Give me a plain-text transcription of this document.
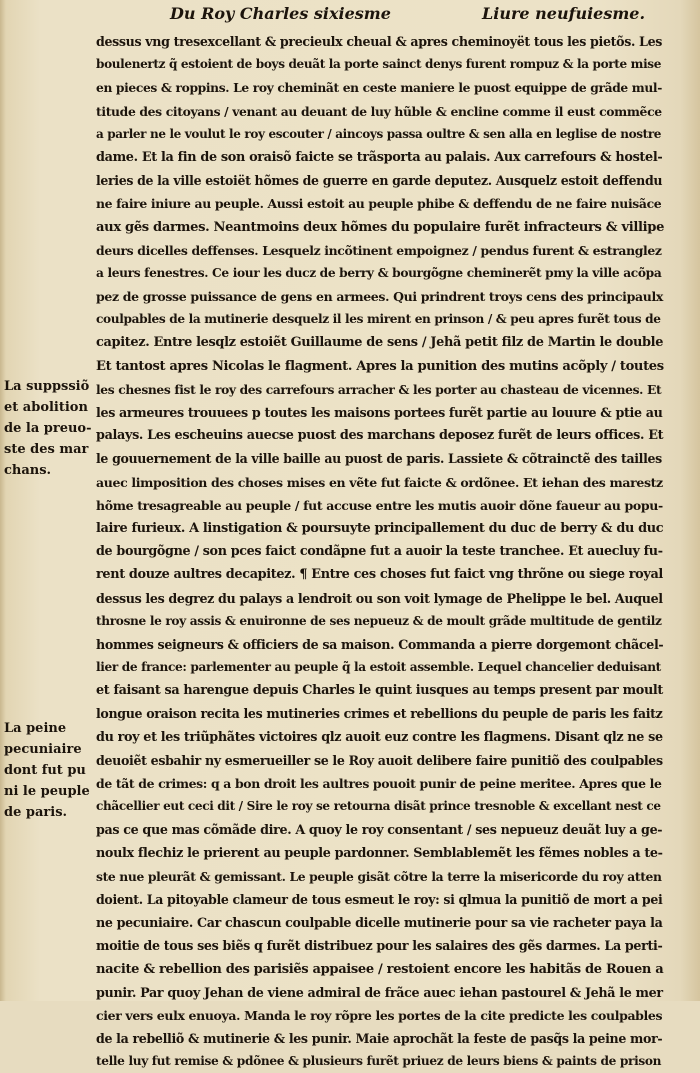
Du Roy Charles sixiesme	Liure neufuiesme.
La suppssiõ
et abolition
de la preuo-
ste des mar
chans.
La peine
pecuniaire
dont fut pu
ni le peuple
de paris.
dessus vng tresexcellant & precieulx cheual & apres cheminoyët tous les pietõs. Les
boulenertz q̃ estoient de boys deuãt la porte sainct denys furent rompuz & la porte mise
en pieces & roppins. Le roy cheminãt en ceste maniere le puost equippe de grãde mul-
titude des citoyans / venant au deuant de luy hũble & encline comme il eust commẽce
a parler ne le voulut le roy escouter / aincoys passa oultre & sen alla en leglise de nostre
dame. Et la fin de son oraisõ faicte se trãsporta au palais. Aux carrefours & hostel-
leries de la ville estoiët hõmes de guerre en garde deputez. Ausquelz estoit deffendu
ne faire iniure au peuple. Aussi estoit au peuple phibe & deffendu de ne faire nuisãce
aux gẽs darmes. Neantmoins deux hõmes du populaire furẽt infracteurs & villipe
deurs dicelles deffenses. Lesquelz incõtinent empoignez / pendus furent & estranglez
a leurs fenestres. Ce iour les ducz de berry & bourgõgne cheminerẽt pmy la ville acõpa
pez de grosse puissance de gens en armees. Qui prindrent troys cens des principaulx
coulpables de la mutinerie desquelz il les mirent en prinson / & peu apres furẽt tous de
capitez. Entre lesqlz estoiẽt Guillaume de sens / Jehã petit filz de Martin le double
Et tantost apres Nicolas le flagment. Apres la punition des mutins acõply / toutes
les chesnes fist le roy des carrefours arracher & les porter au chasteau de vicennes. Et
les armeures trouuees p toutes les maisons portees furẽt partie au louure & ptie au
palays. Les escheuins auecse puost des marchans deposez furẽt de leurs offices. Et
le gouuernement de la ville baille au puost de paris. Lassiete & cõtrainctẽ des tailles
auec limposition des choses mises en vẽte fut faicte & ordõnee. Et iehan des marestz
hõme tresagreable au peuple / fut accuse entre les mutis auoir dõne faueur au popu-
laire furieux. A linstigation & poursuyte principallement du duc de berry & du duc
de bourgõgne / son pces faict condãpne fut a auoir la teste tranchee. Et auecluy fu-
rent douze aultres decapitez. ¶ Entre ces choses fut faict vng thrõne ou siege royal
dessus les degrez du palays a lendroit ou son voit lymage de Phelippe le bel. Auquel
throsne le roy assis & enuironne de ses nepueuz & de moult grãde multitude de gentilz
hommes seigneurs & officiers de sa maison. Commanda a pierre dorgemont chãcel-
lier de france: parlementer au peuple q̃ la estoit assemble. Lequel chancelier deduisant
et faisant sa harengue depuis Charles le quint iusques au temps present par moult
longue oraison recita les mutineries crimes et rebellions du peuple de paris les faitz
du roy et les triũphãtes victoires qlz auoit euz contre les flagmens. Disant qlz ne se
deuoiẽt esbahir ny esmerueiller se le Roy auoit delibere faire punitiõ des coulpables
de tãt de crimes: q a bon droit les aultres pouoit punir de peine meritee. Apres que le
chãcellier eut ceci dit / Sire le roy se retourna disãt prince tresnoble & excellant nest ce
pas ce que mas cõmãde dire. A quoy le roy consentant / ses nepueuz deuãt luy a ge-
noulx flechiz le prierent au peuple pardonner. Semblablemẽt les fẽmes nobles a te-
ste nue pleurãt & gemissant. Le peuple gisãt cõtre la terre la misericorde du roy atten
doient. La pitoyable clameur de tous esmeut le roy: si qlmua la punitiõ de mort a pei
ne pecuniaire. Car chascun coulpable dicelle mutinerie pour sa vie racheter paya la
moitie de tous ses biẽs q furẽt distribuez pour les salaires des gẽs darmes. La perti-
nacite & rebellion des parisiẽs appaisee / restoient encore les habitãs de Rouen a
punir. Par quoy Jehan de viene admiral de frãce auec iehan pastourel & Jehã le mer
cier vers eulx enuoya. Manda le roy rõpre les portes de la cite predicte les coulpables
de la rebelliõ & mutinerie & les punir. Maie aprochãt la feste de pasq̃s la peine mor-
telle luy fut remise & pdõnee & plusieurs furẽt priuez de leurs biens & paints de prison
